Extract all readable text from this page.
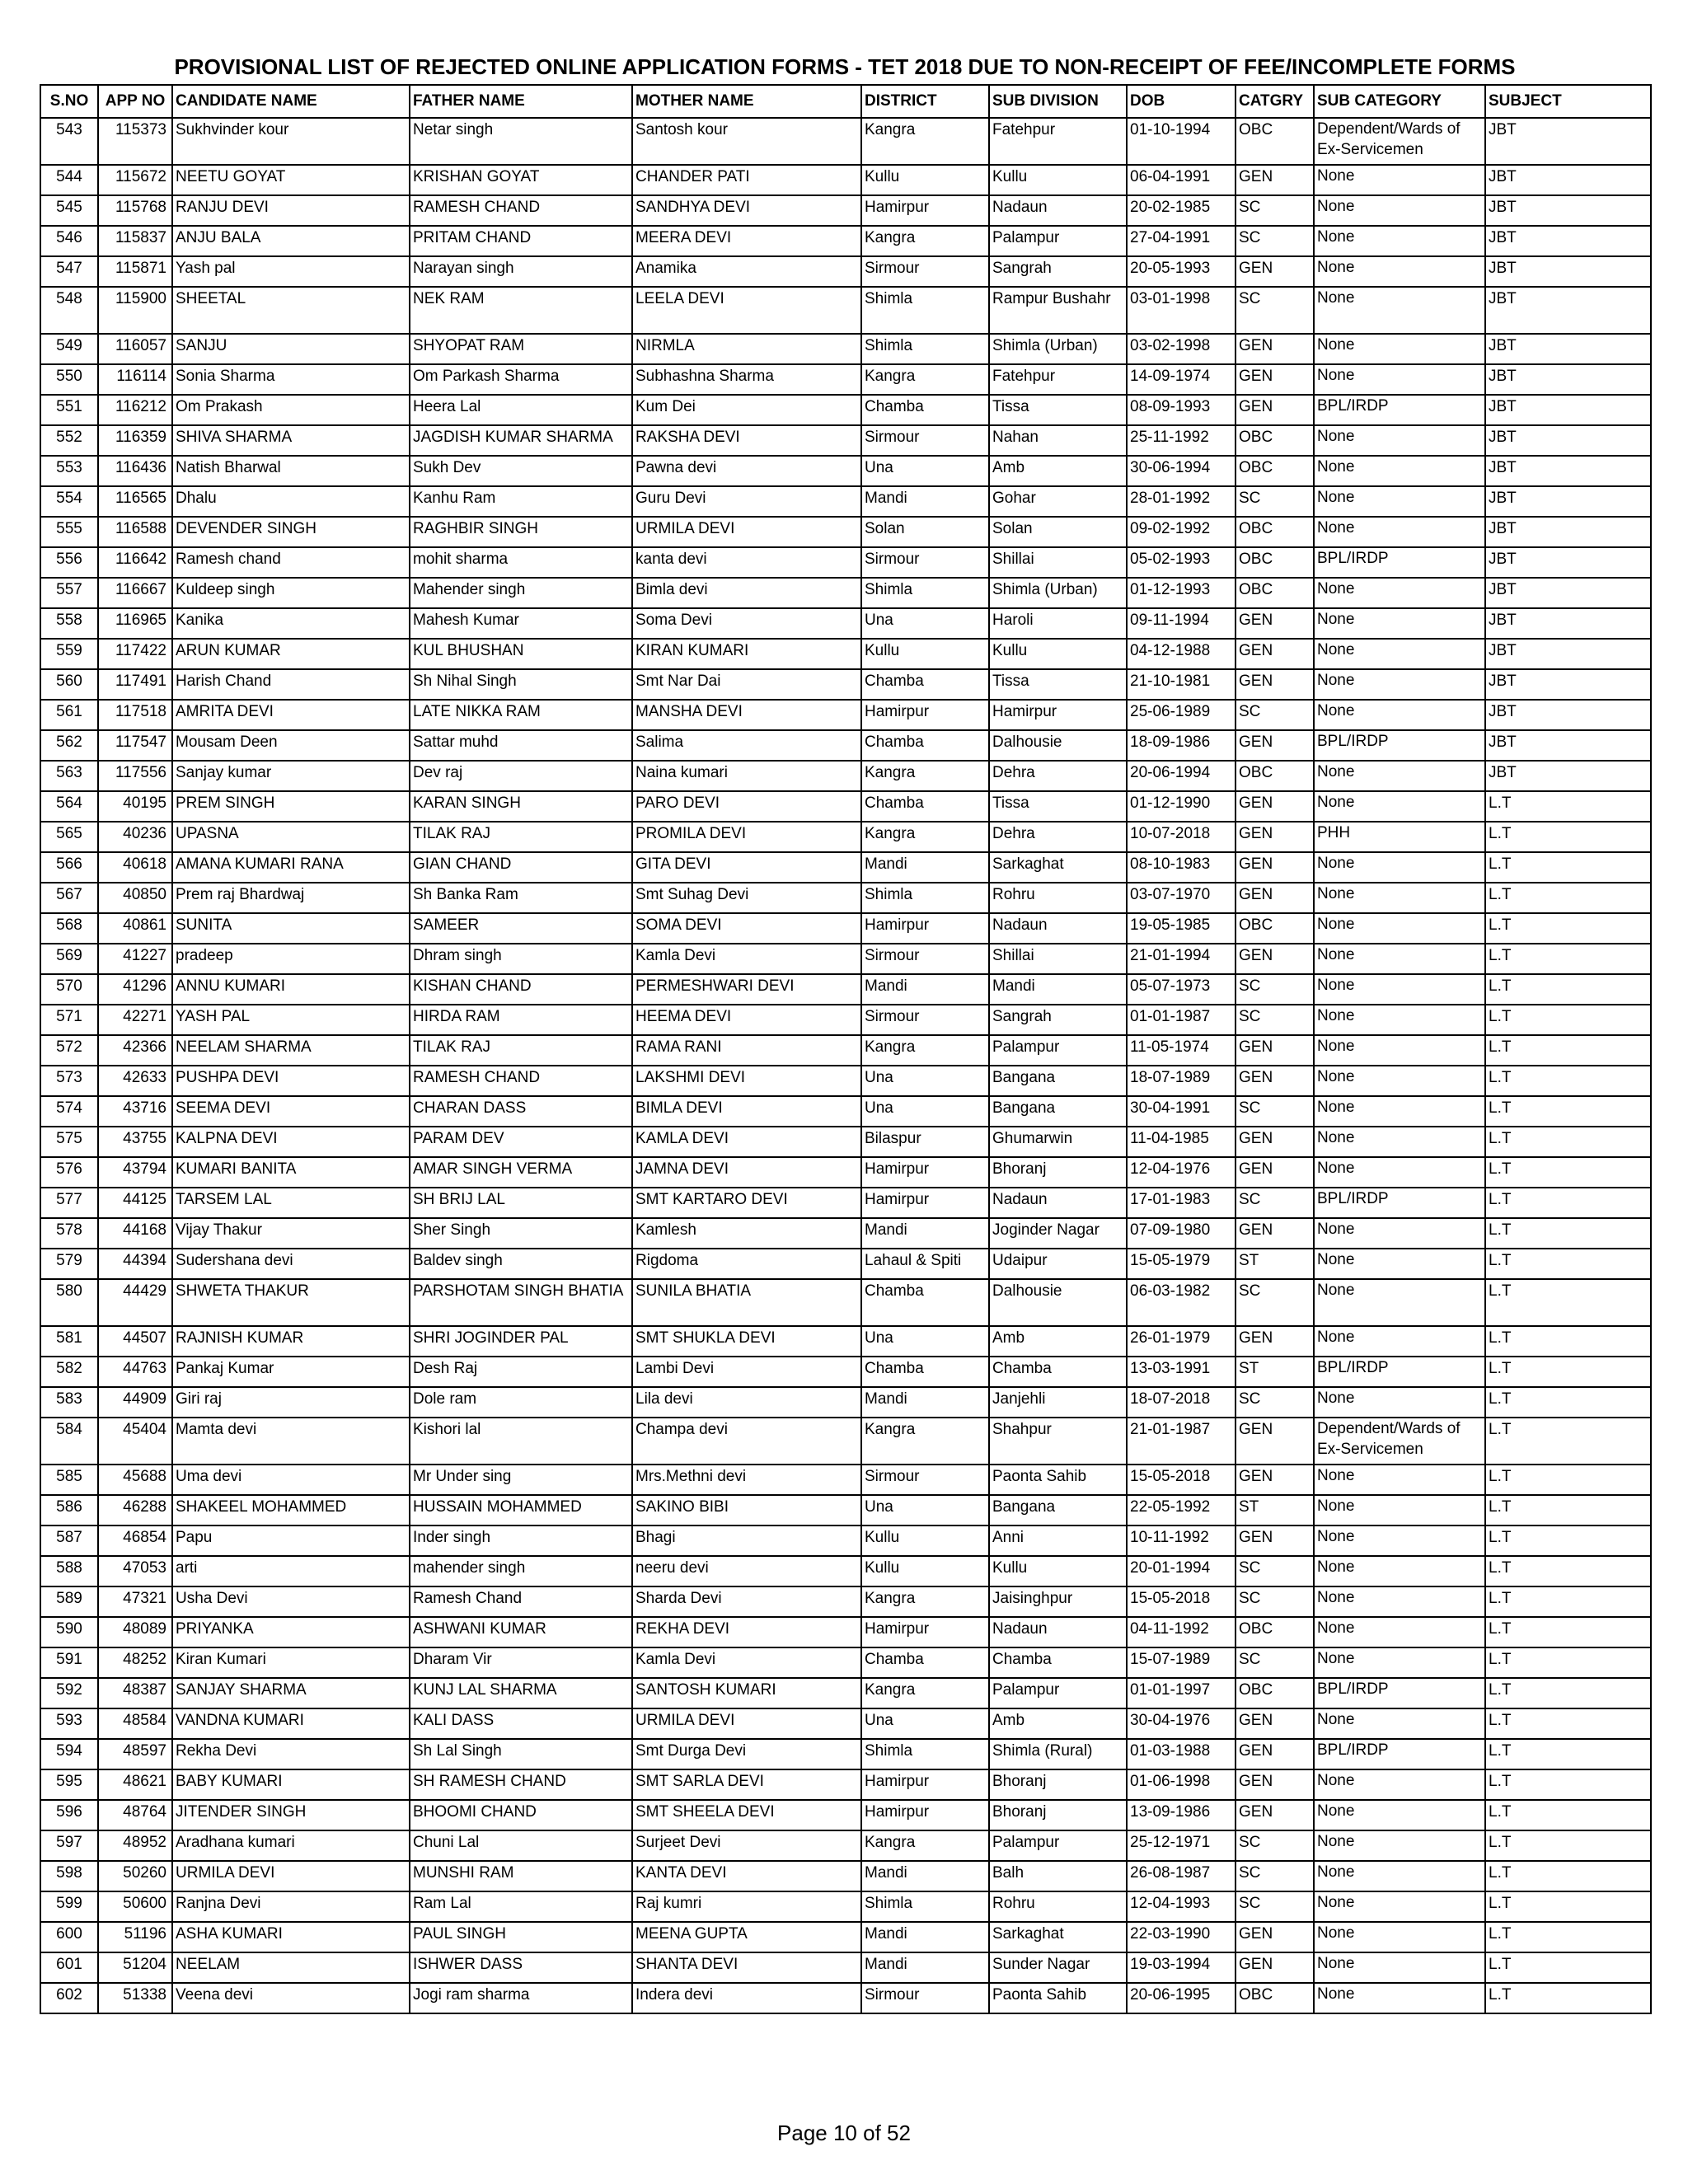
PROVISIONAL LIST OF REJECTED ONLINE APPLICATION FORMS - TET 2018 DUE TO NON-RECEIPT OF FEE/INCOMPLETE FORMS
S.NO	APP NO	CANDIDATE NAME	FATHER NAME	MOTHER NAME	DISTRICT	SUB DIVISION	DOB	CATGRY	SUB CATEGORY	SUBJECT
543	115373	Sukhvinder kour	Netar singh	Santosh kour	Kangra	Fatehpur	01-10-1994	OBC	Dependent/Wards of Ex-Servicemen	JBT
544	115672	NEETU GOYAT	KRISHAN GOYAT	CHANDER PATI	Kullu	Kullu	06-04-1991	GEN	None	JBT
545	115768	RANJU DEVI	RAMESH CHAND	SANDHYA DEVI	Hamirpur	Nadaun	20-02-1985	SC	None	JBT
546	115837	ANJU BALA	PRITAM CHAND	MEERA DEVI	Kangra	Palampur	27-04-1991	SC	None	JBT
547	115871	Yash pal	Narayan singh	Anamika	Sirmour	Sangrah	20-05-1993	GEN	None	JBT
548	115900	SHEETAL	NEK RAM	LEELA DEVI	Shimla	Rampur Bushahr	03-01-1998	SC	None	JBT
549	116057	SANJU	SHYOPAT RAM	NIRMLA	Shimla	Shimla (Urban)	03-02-1998	GEN	None	JBT
550	116114	Sonia Sharma	Om Parkash Sharma	Subhashna Sharma	Kangra	Fatehpur	14-09-1974	GEN	None	JBT
551	116212	Om Prakash	Heera Lal	Kum Dei	Chamba	Tissa	08-09-1993	GEN	BPL/IRDP	JBT
552	116359	SHIVA SHARMA	JAGDISH KUMAR SHARMA	RAKSHA DEVI	Sirmour	Nahan	25-11-1992	OBC	None	JBT
553	116436	Natish Bharwal	Sukh Dev	Pawna devi	Una	Amb	30-06-1994	OBC	None	JBT
554	116565	Dhalu	Kanhu Ram	Guru Devi	Mandi	Gohar	28-01-1992	SC	None	JBT
555	116588	DEVENDER SINGH	RAGHBIR SINGH	URMILA DEVI	Solan	Solan	09-02-1992	OBC	None	JBT
556	116642	Ramesh chand	mohit sharma	kanta devi	Sirmour	Shillai	05-02-1993	OBC	BPL/IRDP	JBT
557	116667	Kuldeep singh	Mahender singh	Bimla devi	Shimla	Shimla (Urban)	01-12-1993	OBC	None	JBT
558	116965	Kanika	Mahesh Kumar	Soma Devi	Una	Haroli	09-11-1994	GEN	None	JBT
559	117422	ARUN KUMAR	KUL BHUSHAN	KIRAN KUMARI	Kullu	Kullu	04-12-1988	GEN	None	JBT
560	117491	Harish Chand	Sh Nihal Singh	Smt Nar Dai	Chamba	Tissa	21-10-1981	GEN	None	JBT
561	117518	AMRITA DEVI	LATE NIKKA RAM	MANSHA DEVI	Hamirpur	Hamirpur	25-06-1989	SC	None	JBT
562	117547	Mousam Deen	Sattar muhd	Salima	Chamba	Dalhousie	18-09-1986	GEN	BPL/IRDP	JBT
563	117556	Sanjay kumar	Dev raj	Naina kumari	Kangra	Dehra	20-06-1994	OBC	None	JBT
564	40195	PREM SINGH	KARAN SINGH	PARO DEVI	Chamba	Tissa	01-12-1990	GEN	None	L.T
565	40236	UPASNA	TILAK RAJ	PROMILA DEVI	Kangra	Dehra	10-07-2018	GEN	PHH	L.T
566	40618	AMANA KUMARI RANA	GIAN CHAND	GITA DEVI	Mandi	Sarkaghat	08-10-1983	GEN	None	L.T
567	40850	Prem raj Bhardwaj	Sh Banka Ram	Smt Suhag Devi	Shimla	Rohru	03-07-1970	GEN	None	L.T
568	40861	SUNITA	SAMEER	SOMA DEVI	Hamirpur	Nadaun	19-05-1985	OBC	None	L.T
569	41227	pradeep	Dhram singh	Kamla Devi	Sirmour	Shillai	21-01-1994	GEN	None	L.T
570	41296	ANNU KUMARI	KISHAN CHAND	PERMESHWARI DEVI	Mandi	Mandi	05-07-1973	SC	None	L.T
571	42271	YASH PAL	HIRDA RAM	HEEMA DEVI	Sirmour	Sangrah	01-01-1987	SC	None	L.T
572	42366	NEELAM SHARMA	TILAK RAJ	RAMA RANI	Kangra	Palampur	11-05-1974	GEN	None	L.T
573	42633	PUSHPA DEVI	RAMESH CHAND	LAKSHMI DEVI	Una	Bangana	18-07-1989	GEN	None	L.T
574	43716	SEEMA DEVI	CHARAN DASS	BIMLA DEVI	Una	Bangana	30-04-1991	SC	None	L.T
575	43755	KALPNA DEVI	PARAM DEV	KAMLA DEVI	Bilaspur	Ghumarwin	11-04-1985	GEN	None	L.T
576	43794	KUMARI BANITA	AMAR SINGH VERMA	JAMNA DEVI	Hamirpur	Bhoranj	12-04-1976	GEN	None	L.T
577	44125	TARSEM LAL	SH BRIJ LAL	SMT KARTARO DEVI	Hamirpur	Nadaun	17-01-1983	SC	BPL/IRDP	L.T
578	44168	Vijay Thakur	Sher Singh	Kamlesh	Mandi	Joginder Nagar	07-09-1980	GEN	None	L.T
579	44394	Sudershana devi	Baldev singh	Rigdoma	Lahaul & Spiti	Udaipur	15-05-1979	ST	None	L.T
580	44429	SHWETA THAKUR	PARSHOTAM SINGH BHATIA	SUNILA BHATIA	Chamba	Dalhousie	06-03-1982	SC	None	L.T
581	44507	RAJNISH KUMAR	SHRI JOGINDER PAL	SMT SHUKLA DEVI	Una	Amb	26-01-1979	GEN	None	L.T
582	44763	Pankaj Kumar	Desh Raj	Lambi Devi	Chamba	Chamba	13-03-1991	ST	BPL/IRDP	L.T
583	44909	Giri raj	Dole ram	Lila devi	Mandi	Janjehli	18-07-2018	SC	None	L.T
584	45404	Mamta devi	Kishori lal	Champa devi	Kangra	Shahpur	21-01-1987	GEN	Dependent/Wards of Ex-Servicemen	L.T
585	45688	Uma devi	Mr Under sing	Mrs.Methni devi	Sirmour	Paonta Sahib	15-05-2018	GEN	None	L.T
586	46288	SHAKEEL MOHAMMED	HUSSAIN MOHAMMED	SAKINO BIBI	Una	Bangana	22-05-1992	ST	None	L.T
587	46854	Papu	Inder singh	Bhagi	Kullu	Anni	10-11-1992	GEN	None	L.T
588	47053	arti	mahender singh	neeru devi	Kullu	Kullu	20-01-1994	SC	None	L.T
589	47321	Usha Devi	Ramesh Chand	Sharda Devi	Kangra	Jaisinghpur	15-05-2018	SC	None	L.T
590	48089	PRIYANKA	ASHWANI KUMAR	REKHA DEVI	Hamirpur	Nadaun	04-11-1992	OBC	None	L.T
591	48252	Kiran Kumari	Dharam Vir	Kamla Devi	Chamba	Chamba	15-07-1989	SC	None	L.T
592	48387	SANJAY SHARMA	KUNJ LAL SHARMA	SANTOSH KUMARI	Kangra	Palampur	01-01-1997	OBC	BPL/IRDP	L.T
593	48584	VANDNA KUMARI	KALI DASS	URMILA DEVI	Una	Amb	30-04-1976	GEN	None	L.T
594	48597	Rekha Devi	Sh Lal Singh	Smt Durga Devi	Shimla	Shimla (Rural)	01-03-1988	GEN	BPL/IRDP	L.T
595	48621	BABY KUMARI	SH RAMESH CHAND	SMT SARLA DEVI	Hamirpur	Bhoranj	01-06-1998	GEN	None	L.T
596	48764	JITENDER SINGH	BHOOMI CHAND	SMT SHEELA DEVI	Hamirpur	Bhoranj	13-09-1986	GEN	None	L.T
597	48952	Aradhana kumari	Chuni Lal	Surjeet Devi	Kangra	Palampur	25-12-1971	SC	None	L.T
598	50260	URMILA DEVI	MUNSHI RAM	KANTA DEVI	Mandi	Balh	26-08-1987	SC	None	L.T
599	50600	Ranjna Devi	Ram Lal	Raj kumri	Shimla	Rohru	12-04-1993	SC	None	L.T
600	51196	ASHA KUMARI	PAUL SINGH	MEENA GUPTA	Mandi	Sarkaghat	22-03-1990	GEN	None	L.T
601	51204	NEELAM	ISHWER DASS	SHANTA DEVI	Mandi	Sunder Nagar	19-03-1994	GEN	None	L.T
602	51338	Veena devi	Jogi ram sharma	Indera devi	Sirmour	Paonta Sahib	20-06-1995	OBC	None	L.T
Page 10 of 52
